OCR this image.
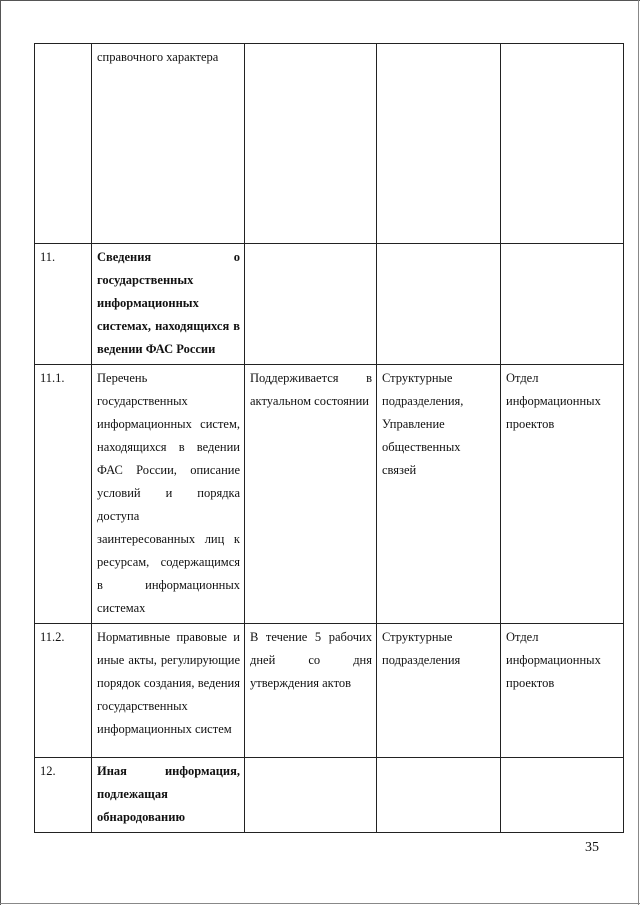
	справочного характера			
11.	Сведения о государственных информационных системах, находящихся в ведении ФАС России			
11.1.	Перечень государственных информационных систем, находящихся в ведении ФАС России, описание условий и порядка доступа заинтересованных лиц к ресурсам, содержащимся в информационных системах	Поддерживается в актуальном состоянии	Структурные подразделения, Управление общественных связей	Отдел информационных проектов
11.2.	Нормативные правовые и иные акты, регулирующие порядок создания, ведения государственных информационных систем	В течение 5 рабочих дней со дня утверждения актов	Структурные подразделения	Отдел информационных проектов
12.	Иная информация, подлежащая обнародованию			
35
